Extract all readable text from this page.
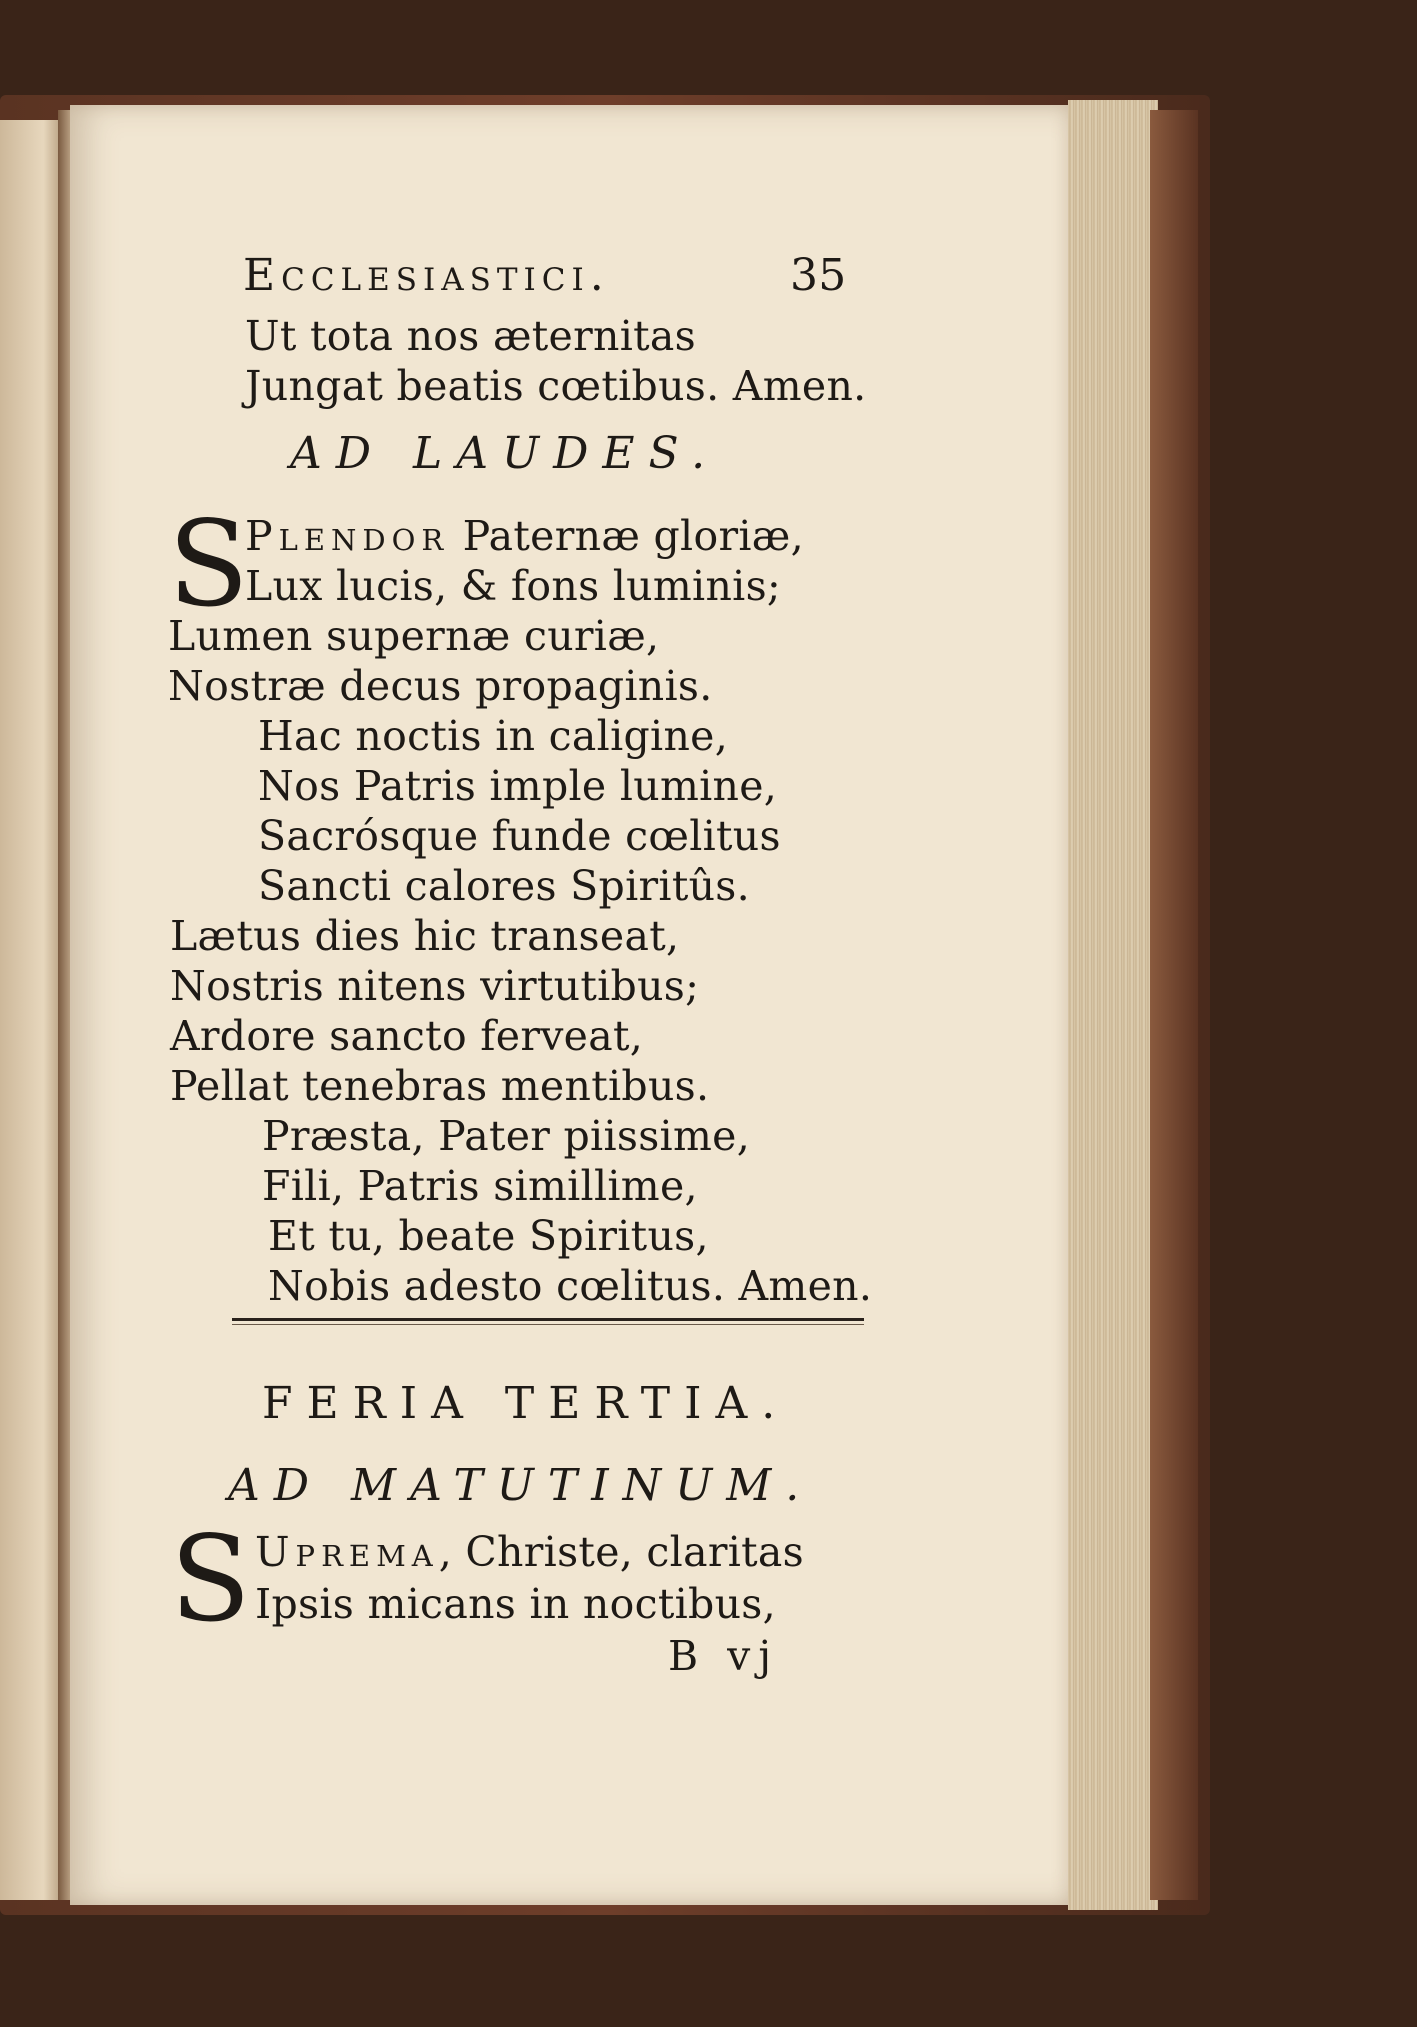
Ecclesiastici.	35
Ut tota nos æternitas
Jungat beatis cœtibus. Amen.
AD LAUDES.
S
Plendor Paternæ gloriæ,
Lux lucis, & fons luminis;
Lumen supernæ curiæ,
Nostræ decus propaginis.
Hac noctis in caligine,
Nos Patris imple lumine,
Sacrósque funde cœlitus
Sancti calores Spiritûs.
Lætus dies hic transeat,
Nostris nitens virtutibus;
Ardore sancto ferveat,
Pellat tenebras mentibus.
Præsta, Pater piissime,
Fili, Patris simillime,
Et tu, beate Spiritus,
Nobis adesto cœlitus. Amen.
FERIA TERTIA.
AD MATUTINUM.
S Uprema, Christe, claritas
Ipsis micans in noctibus,
B vj
